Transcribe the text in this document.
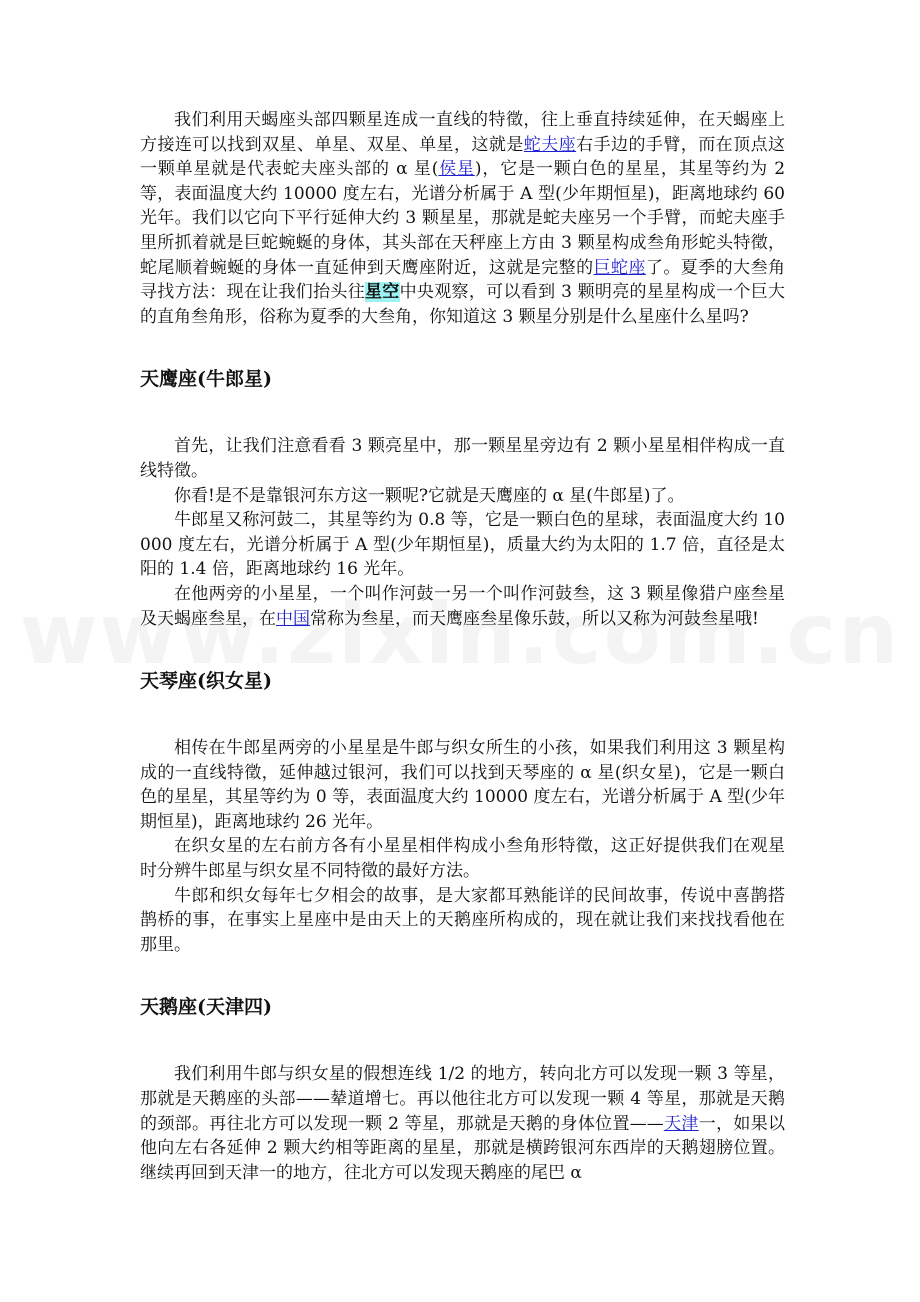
我们利用天蝎座头部四颗星连成一直线的特徵，往上垂直持续延伸，在天蝎座上方接连可以找到双星、单星、双星、单星，这就是蛇夫座右手边的手臂，而在顶点这一颗单星就是代表蛇夫座头部的 α 星(侯星)，它是一颗白色的星星，其星等约为 2 等，表面温度大约 10000 度左右，光谱分析属于 A 型(少年期恒星)，距离地球约 60 光年。我们以它向下平行延伸大约 3 颗星星，那就是蛇夫座另一个手臂，而蛇夫座手里所抓着就是巨蛇蜿蜒的身体，其头部在天秤座上方由 3 颗星构成叁角形蛇头特徵，蛇尾顺着蜿蜒的身体一直延伸到天鹰座附近，这就是完整的巨蛇座了。夏季的大叁角寻找方法：现在让我们抬头往星空中央观察，可以看到 3 颗明亮的星星构成一个巨大的直角叁角形，俗称为夏季的大叁角，你知道这 3 颗星分别是什么星座什么星吗?

天鹰座(牛郎星)

首先，让我们注意看看 3 颗亮星中，那一颗星星旁边有 2 颗小星星相伴构成一直线特徵。

你看!是不是靠银河东方这一颗呢?它就是天鹰座的 α 星(牛郎星)了。

牛郎星又称河鼓二，其星等约为 0.8 等，它是一颗白色的星球，表面温度大约 10000 度左右，光谱分析属于 A 型(少年期恒星)，质量大约为太阳的 1.7 倍，直径是太阳的 1.4 倍，距离地球约 16 光年。

在他两旁的小星星，一个叫作河鼓一另一个叫作河鼓叁，这 3 颗星像猎户座叁星及天蝎座叁星，在中国常称为叁星，而天鹰座叁星像乐鼓，所以又称为河鼓叁星哦!

天琴座(织女星)

相传在牛郎星两旁的小星星是牛郎与织女所生的小孩，如果我们利用这 3 颗星构成的一直线特徵，延伸越过银河，我们可以找到天琴座的 α 星(织女星)，它是一颗白色的星星，其星等约为 0 等，表面温度大约 10000 度左右，光谱分析属于 A 型(少年期恒星)，距离地球约 26 光年。

在织女星的左右前方各有小星星相伴构成小叁角形特徵，这正好提供我们在观星时分辨牛郎星与织女星不同特徵的最好方法。

牛郎和织女每年七夕相会的故事，是大家都耳熟能详的民间故事，传说中喜鹊搭鹊桥的事，在事实上星座中是由天上的天鹅座所构成的，现在就让我们来找找看他在那里。

天鹅座(天津四)

我们利用牛郎与织女星的假想连线 1/2 的地方，转向北方可以发现一颗 3 等星，那就是天鹅座的头部——辇道增七。再以他往北方可以发现一颗 4 等星，那就是天鹅的颈部。再往北方可以发现一颗 2 等星，那就是天鹅的身体位置——天津一，如果以他向左右各延伸 2 颗大约相等距离的星星，那就是横跨银河东西岸的天鹅翅膀位置。继续再回到天津一的地方，往北方可以发现天鹅座的尾巴 α
